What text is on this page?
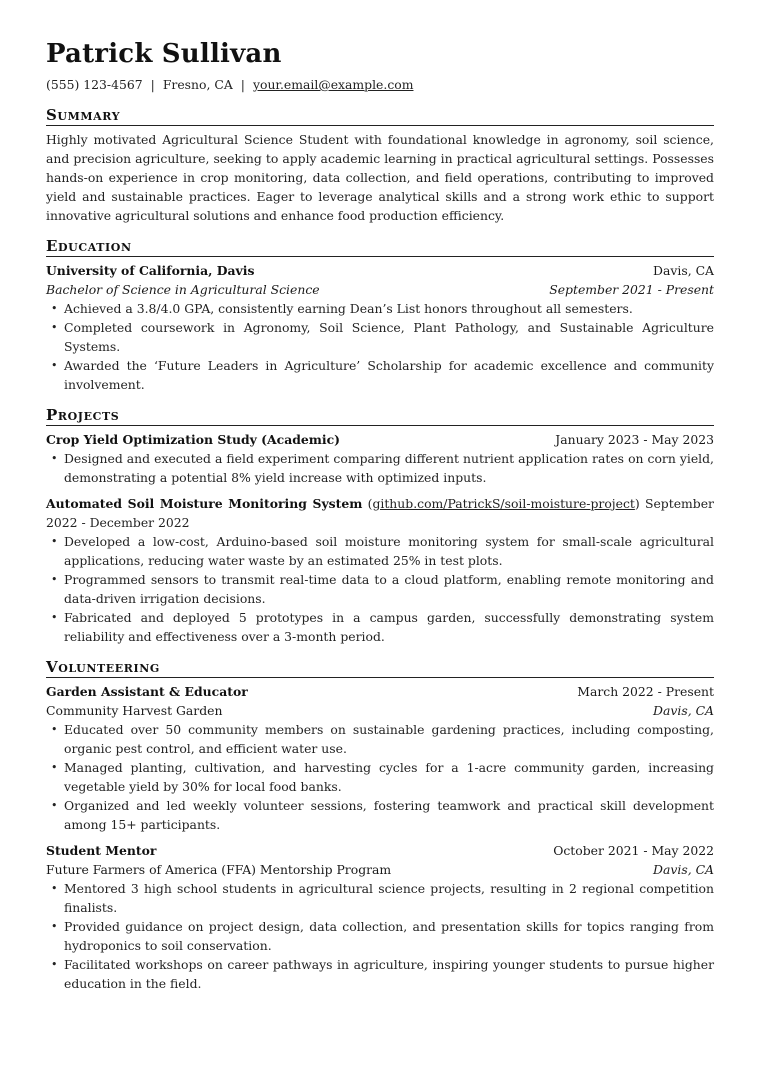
Patrick Sullivan
(555) 123-4567 | Fresno, CA | your.email@example.com
Summary

Highly motivated Agricultural Science Student with foundational knowledge in agronomy, soil science, and precision agriculture, seeking to apply academic learning in practical agricultural settings. Possesses hands-on experience in crop monitoring, data collection, and field operations, contributing to improved yield and sustainable practices. Eager to leverage analytical skills and a strong work ethic to support innovative agricultural solutions and enhance food production efficiency.

Education
University of California, Davis	Davis, CA
Bachelor of Science in Agricultural Science	September 2021 - Present
• Achieved a 3.8/4.0 GPA, consistently earning Dean’s List honors throughout all semesters.
• Completed coursework in Agronomy, Soil Science, Plant Pathology, and Sustainable Agriculture Systems.
• Awarded the ‘Future Leaders in Agriculture’ Scholarship for academic excellence and community involvement.
Projects
Crop Yield Optimization Study (Academic)	January 2023 - May 2023
• Designed and executed a field experiment comparing different nutrient application rates on corn yield, demonstrating a potential 8% yield increase with optimized inputs.
Automated Soil Moisture Monitoring System (github.com/PatrickS/soil-moisture-project) September 2022 - December 2022
• Developed a low-cost, Arduino-based soil moisture monitoring system for small-scale agricultural applications, reducing water waste by an estimated 25% in test plots.
• Programmed sensors to transmit real-time data to a cloud platform, enabling remote monitoring and data-driven irrigation decisions.
• Fabricated and deployed 5 prototypes in a campus garden, successfully demonstrating system reliability and effectiveness over a 3-month period.
Volunteering
Garden Assistant & Educator	March 2022 - Present
Community Harvest Garden	Davis, CA
• Educated over 50 community members on sustainable gardening practices, including composting, organic pest control, and efficient water use.
• Managed planting, cultivation, and harvesting cycles for a 1-acre community garden, increasing vegetable yield by 30% for local food banks.
• Organized and led weekly volunteer sessions, fostering teamwork and practical skill development among 15+ participants.
Student Mentor	October 2021 - May 2022
Future Farmers of America (FFA) Mentorship Program	Davis, CA
• Mentored 3 high school students in agricultural science projects, resulting in 2 regional competition finalists.
• Provided guidance on project design, data collection, and presentation skills for topics ranging from hydroponics to soil conservation.
• Facilitated workshops on career pathways in agriculture, inspiring younger students to pursue higher education in the field.
